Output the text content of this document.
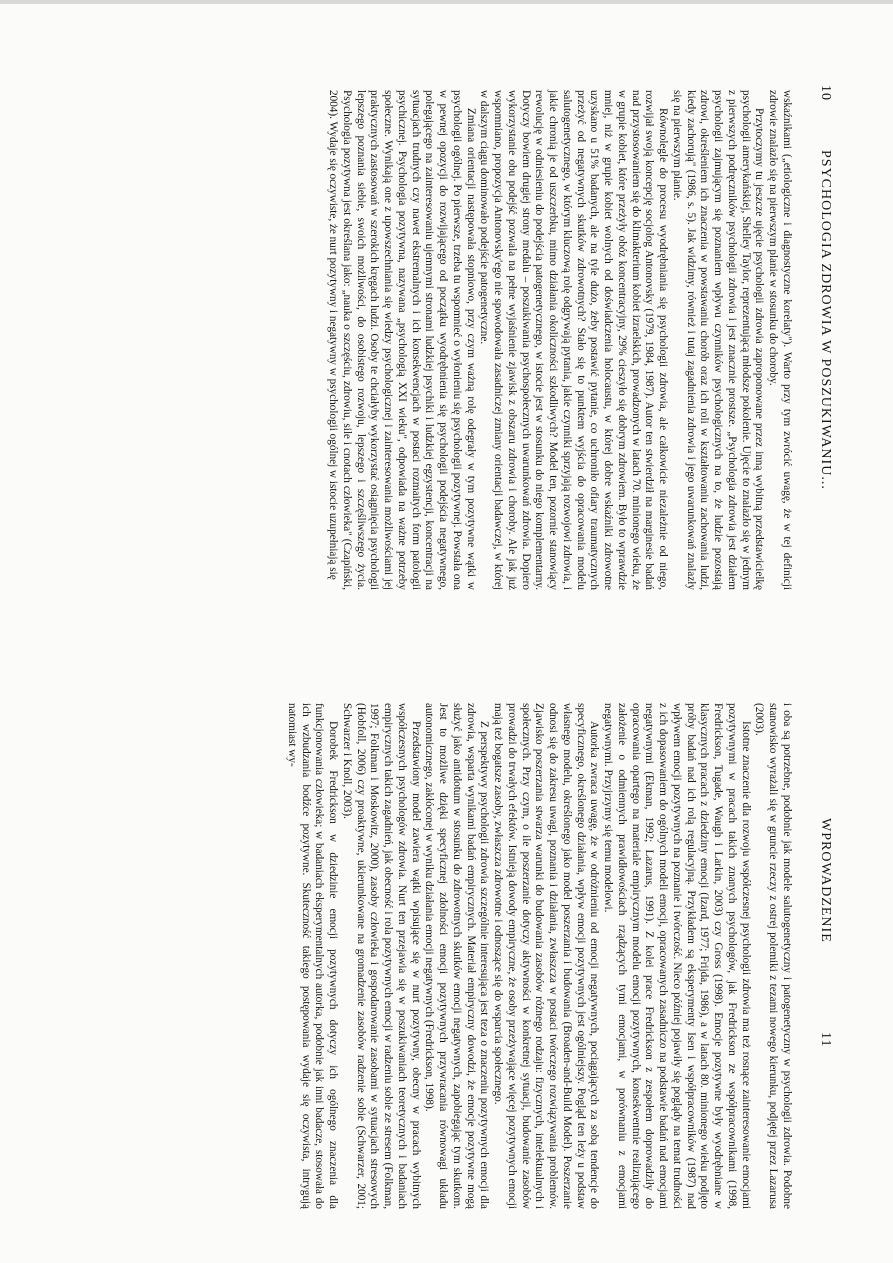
10
PSYCHOLOGIA ZDROWIA W POSZUKIWANIU...

wskaźnikami („etiologiczne i diagnostyczne korelaty"). Warto przy tym zwrócić uwagę, że w tej definicji zdrowie znalazło się na pierwszym planie w stosunku do choroby.

Przytoczymy tu jeszcze ujęcie psychologii zdrowia zaproponowane przez inną wybitną przedstawicielkę psychologii amerykańskiej, Shelley Taylor, reprezentującą młodsze pokolenie. Ujęcie to znalazło się w jednym z pierwszych podręczników psychologii zdrowia i jest znacznie prostsze. „Psychologia zdrowia jest działem psychologii zajmującym się poznaniem wpływu czynników psychologicznych na to, że ludzie pozostają zdrowi, określeniem ich znaczenia w powstawaniu chorób oraz ich roli w kształtowaniu zachowania ludzi, kiedy zachorują" (1986, s. 5). Jak widzimy, również i tutaj zagadnienia zdrowia i jego uwarunkowań znalazły się na pierwszym planie.

Równolegle do procesu wyodrębniania się psychologii zdrowia, ale całkowicie niezależnie od niego, rozwijał swoją koncepcję socjolog Antonovsky (1979, 1984, 1987). Autor ten stwierdził na marginesie badań nad przystosowaniem się do klimakterium kobiet izraelskich, prowadzonych w latach 70. minionego wieku, że w grupie kobiet, które przeżyły obóz koncentracyjny, 29% cieszyło się dobrym zdrowiem. Było to wprawdzie mniej, niż w grupie kobiet wolnych od doświadczenia holocaustu, w której dobre wskaźniki zdrowotne uzyskano u 51% badanych, ale na tyle dużo, żeby postawić pytanie, co uchroniło ofiary traumatycznych przeżyć od negatywnych skutków zdrowotnych? Stało się to punktem wyjścia do opracowania modelu salutogenetycznego, w którym kluczową rolę odgrywają pytania, jakie czynniki sprzyjają rozwojowi zdrowia, i jakie chronią je od uszczerbku, mimo działania okoliczności szkodliwych? Model ten, pozornie stanowiący rewolucję w odniesieniu do podejścia patogenetycznego, w istocie jest w stosunku do niego komplementarny. Dotyczy bowiem drugiej strony medalu – poszukiwania psychospołecznych uwarunkowań zdrowia. Dopiero wykorzystanie obu podejść pozwala na pełne wyjaśnienie zjawisk z obszaru zdrowia i choroby. Ale jak już wspomniano, propozycja Antonovsky'ego nie spowodowała zasadniczej zmiany orientacji badawczej, w której w dalszym ciągu dominowało podejście patogenetyczne.

Zmiana orientacji następowała stopniowo, przy czym ważną rolę odegrały w tym pozytywne wątki w psychologii ogólnej. Po pierwsze, trzeba tu wspomnieć o wyłonieniu się psychologii pozytywnej. Powstała ona w pewnej opozycji do rozwijającego od początku wyodrębnienia się psychologii podejścia negatywnego, polegającego na zainteresowaniu ujemnymi stronami ludzkiej psychiki i ludzkiej egzystencji, koncentracji na sytuacjach trudnych czy nawet ekstremalnych i ich konsekwencjach w postaci rozmaitych form patologii psychicznej. Psychologia pozytywna, nazywana „psychologią XXI wieku", odpowiada na ważne potrzeby społeczne. Wynikają one z upowszechniania się wiedzy psychologicznej i zainteresowania możliwościami jej praktycznych zastosowań w szerokich kręgach ludzi. Osoby te chciałyby wykorzystać osiągnięcia psychologii lepszego poznania siebie, swoich możliwości, do osobistego rozwoju, lepszego i szczęśliwszego życia. Psychologia pozytywna jest określana jako: „nauka o szczęściu, zdrowiu, sile i cnotach człowieka" (Czapiński, 2004). Wydaje się oczywiste, że nurt pozytywny i negatywny w psychologii ogólnej w istocie uzupełniają się

WPROWADZENIE
11

i oba są potrzebne, podobnie jak modele salutogenetyczny i patogenetyczny w psychologii zdrowia. Podobne stanowisko wyrażali się w gruncie rzeczy z ostrej polemiki z tezami nowego kierunku, podjętej przez Lazarusa (2003).

Istotne znaczenie dla rozwoju współczesnej psychologii zdrowia ma też rosnące zainteresowanie emocjami pozytywnymi w pracach takich znanych psychologów, jak Fredrickson ze współpracownikami (1998, Fredrickson, Tugade, Waugh i Larkin, 2003) czy Gross (1998). Emocje pozytywne były wyodrębniane w klasycznych pracach z dziedziny emocji (Izard, 1977; Frijda, 1986), a w latach 80. minionego wieku podjęto próby badań nad ich rolą regulacyjną. Przykładem są eksperymenty Isen i współpracowników (1987) nad wpływem emocji pozytywnych na poznanie i twórczość. Nieco później pojawiły się poglądy na temat trudności z ich dopasowaniem do ogólnych modeli emocji, opracowanych zasadniczo na podstawie badań nad emocjami negatywnymi (Ekman, 1992; Lazarus, 1991). Z kolei prace Fredrickson z zespołem doprowadziły do opracowania opartego na materiale empirycznym modelu emocji pozytywnych, konsekwentnie realizującego założenie o odmiennych prawidłowościach rządzących tymi emocjami, w porównaniu z emocjami negatywnymi. Przyjrzymy się temu modelowi.

Autorka zwraca uwagę, że w odróżnieniu od emocji negatywnych, pociągających za sobą tendencje do specyficznego, określonego działania, wpływ emocji pozytywnych jest ogólniejszy. Pogląd ten leży u podstaw własnego modelu, określonego jako model poszerzania i budowania (Broaden-and-Build Model). Poszerzanie odnosi się do zakresu uwagi, poznania i działania, zwłaszcza w postaci twórczego rozwiązywania problemów. Zjawisko poszerzania stwarza warunki do budowania zasobów różnego rodzaju: fizycznych, intelektualnych i społecznych. Przy czym, o ile poszerzanie dotyczy aktywności w konkretnej sytuacji, budowanie zasobów prowadzi do trwałych efektów. Istnieją dowody empiryczne, że osoby przeżywające więcej pozytywnych emocji mają też bogatsze zasoby, zwłaszcza zdrowotne i odnoszące się do wsparcia społecznego.

Z perspektywy psychologii zdrowia szczególnie interesująca jest teza o znaczeniu pozytywnych emocji dla zdrowia, wsparta wynikami badań empirycznych. Materiał empiryczny dowodzi, że emocje pozytywne mogą służyć jako antidotum w stosunku do zdrowotnych skutków emocji negatywnych, zapobiegając tym skutkom. Jest to możliwe dzięki specyficznej zdolności emocji pozytywnych przywracania równowagi układu autonomicznego, zakłóconej w wyniku działania emocji negatywnych (Fredrickson, 1998).

Przedstawiony model zawiera wątki wpisujące się w nurt pozytywny, obecny w pracach wybitnych współczesnych psychologów zdrowia. Nurt ten przejawia się w poszukiwaniach teoretycznych i badaniach empirycznych takich zagadnień, jak obecność i rola pozytywnych emocji w radzeniu sobie ze stresem (Folkman, 1997; Folkman i Moskowitz, 2000), zasoby człowieka i gospodarowanie zasobami w sytuacjach stresowych (Hobfoll, 2006) czy proaktywne, ukierunkowane na gromadzenie zasobów radzenie sobie (Schwarzer, 2001; Schwarzer i Knoll, 2003).

Dorobek Fredrickson w dziedzinie emocji pozytywnych dotyczy ich ogólnego znaczenia dla funkcjonowania człowieka; w badaniach eksperymentalnych autorka, podobnie jak inni badacze, stosowała do ich wzbudzania bodźce pozytywne. Skuteczność takiego postępowania wydaje się oczywista, intrygują natomiast wy-
